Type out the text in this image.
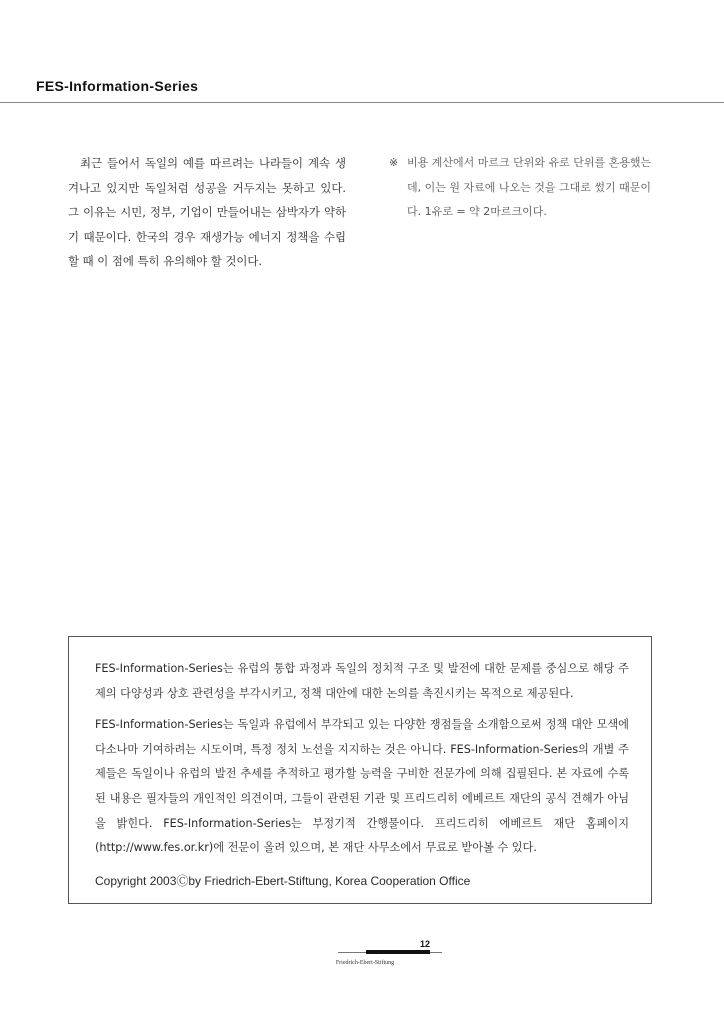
FES-Information-Series
최근 들어서 독일의 예를 따르려는 나라들이 계속 생겨나고 있지만 독일처럼 성공을 거두지는 못하고 있다. 그 이유는 시민, 정부, 기업이 만들어내는 삼박자가 약하기 때문이다. 한국의 경우 재생가능 에너지 정책을 수립할 때 이 점에 특히 유의해야 할 것이다.
※ 비용 계산에서 마르크 단위와 유로 단위를 혼용했는데, 이는 원 자료에 나오는 것을 그대로 썼기 때문이다. 1유로 = 약 2마르크이다.

FES-Information-Series는 유럽의 통합 과정과 독일의 정치적 구조 및 발전에 대한 문제를 중심으로 해당 주제의 다양성과 상호 관련성을 부각시키고, 정책 대안에 대한 논의를 촉진시키는 목적으로 제공된다.

FES-Information-Series는 독일과 유럽에서 부각되고 있는 다양한 쟁점들을 소개함으로써 정책 대안 모색에 다소나마 기여하려는 시도이며, 특정 정치 노선을 지지하는 것은 아니다. FES-Information-Series의 개별 주제들은 독일이나 유럽의 발전 추세를 추적하고 평가할 능력을 구비한 전문가에 의해 집필된다. 본 자료에 수록된 내용은 필자들의 개인적인 의견이며, 그들이 관련된 기관 및 프리드리히 에베르트 재단의 공식 견해가 아님을 밝힌다. FES-Information-Series는 부정기적 간행물이다. 프리드리히 에베르트 재단 홈페이지(http://www.fes.or.kr)에 전문이 올려 있으며, 본 재단 사무소에서 무료로 받아볼 수 있다.

Copyright 2003Ⓒby Friedrich-Ebert-Stiftung, Korea Cooperation Office

12
Friedrich-Ebert-Stiftung
